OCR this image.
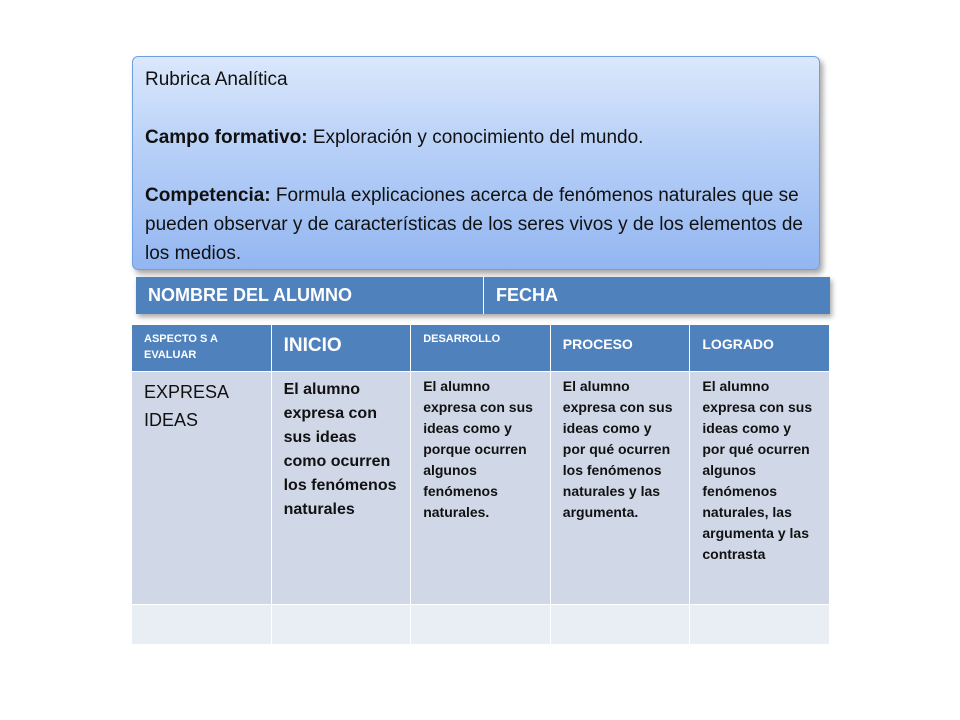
Rubrica Analítica

Campo formativo: Exploración y conocimiento del mundo.

Competencia: Formula explicaciones acerca de fenómenos naturales que se pueden observar y de características de los seres vivos y de los elementos de los medios.

NOMBRE DEL ALUMNO	FECHA
ASPECTO S A EVALUAR	INICIO	DESARROLLO	PROCESO	LOGRADO
EXPRESA IDEAS	El alumno expresa con sus ideas como ocurren los fenómenos naturales	El alumno expresa con sus ideas como y porque ocurren algunos fenómenos naturales.	El alumno expresa con sus ideas como y por qué ocurren los fenómenos naturales y las argumenta.	El alumno expresa con sus ideas como y por qué ocurren algunos fenómenos naturales, las argumenta y las contrasta
